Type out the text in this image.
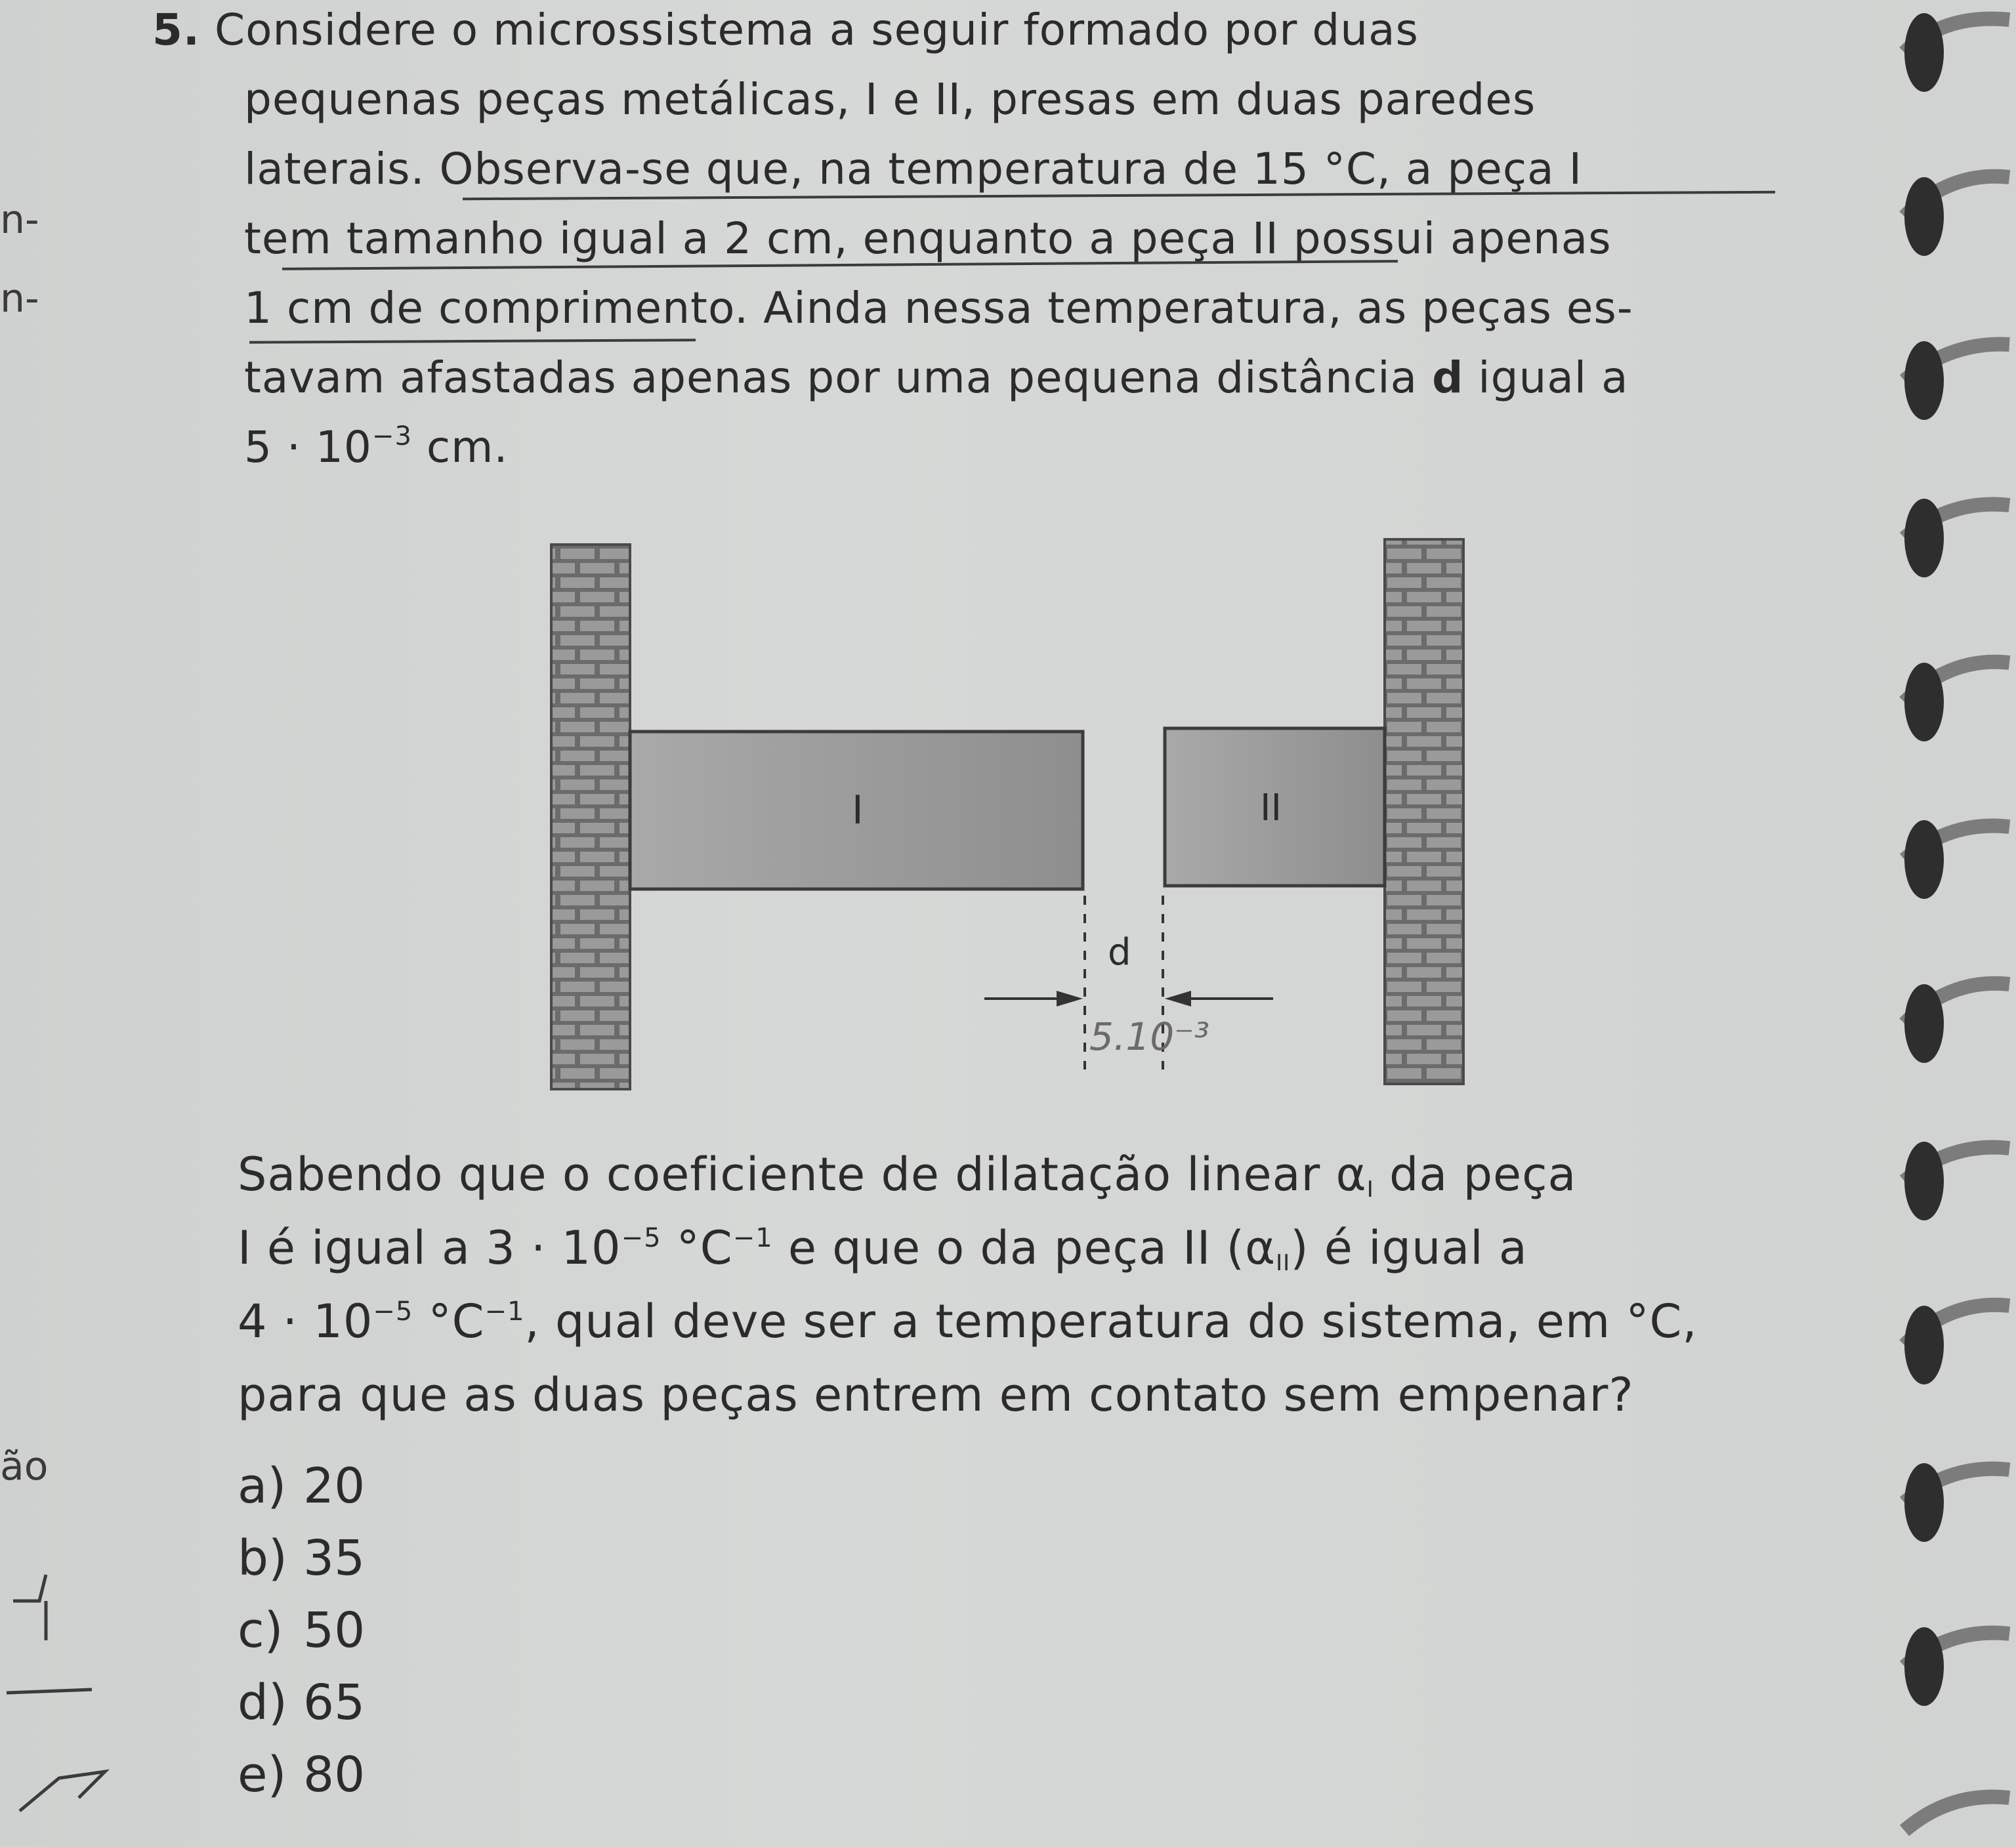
n-
n-
ão
5. Considere o microssistema a seguir formado por duas
pequenas peças metálicas, I e II, presas em duas paredes
laterais. Observa-se que, na temperatura de 15 °C, a peça I
tem tamanho igual a 2 cm, enquanto a peça II possui apenas
1 cm de comprimento. Ainda nessa temperatura, as peças es-
tavam afastadas apenas por uma pequena distância d igual a
$5 \cdot 10^{-3}$ cm.
I	II
d
5.10⁻³
Sabendo que o coeficiente de dilatação linear $\alpha_I$ da peça
I é igual a $3 \cdot 10^{-5}$ $^\circ C^{-1}$ e que o da peça II $(\alpha_{II})$ é igual a
$4 \cdot 10^{-5}$ $^\circ C^{-1}$, qual deve ser a temperatura do sistema, em °C,
para que as duas peças entrem em contato sem empenar?
a) 20
b) 35
c) 50
d) 65
e) 80
